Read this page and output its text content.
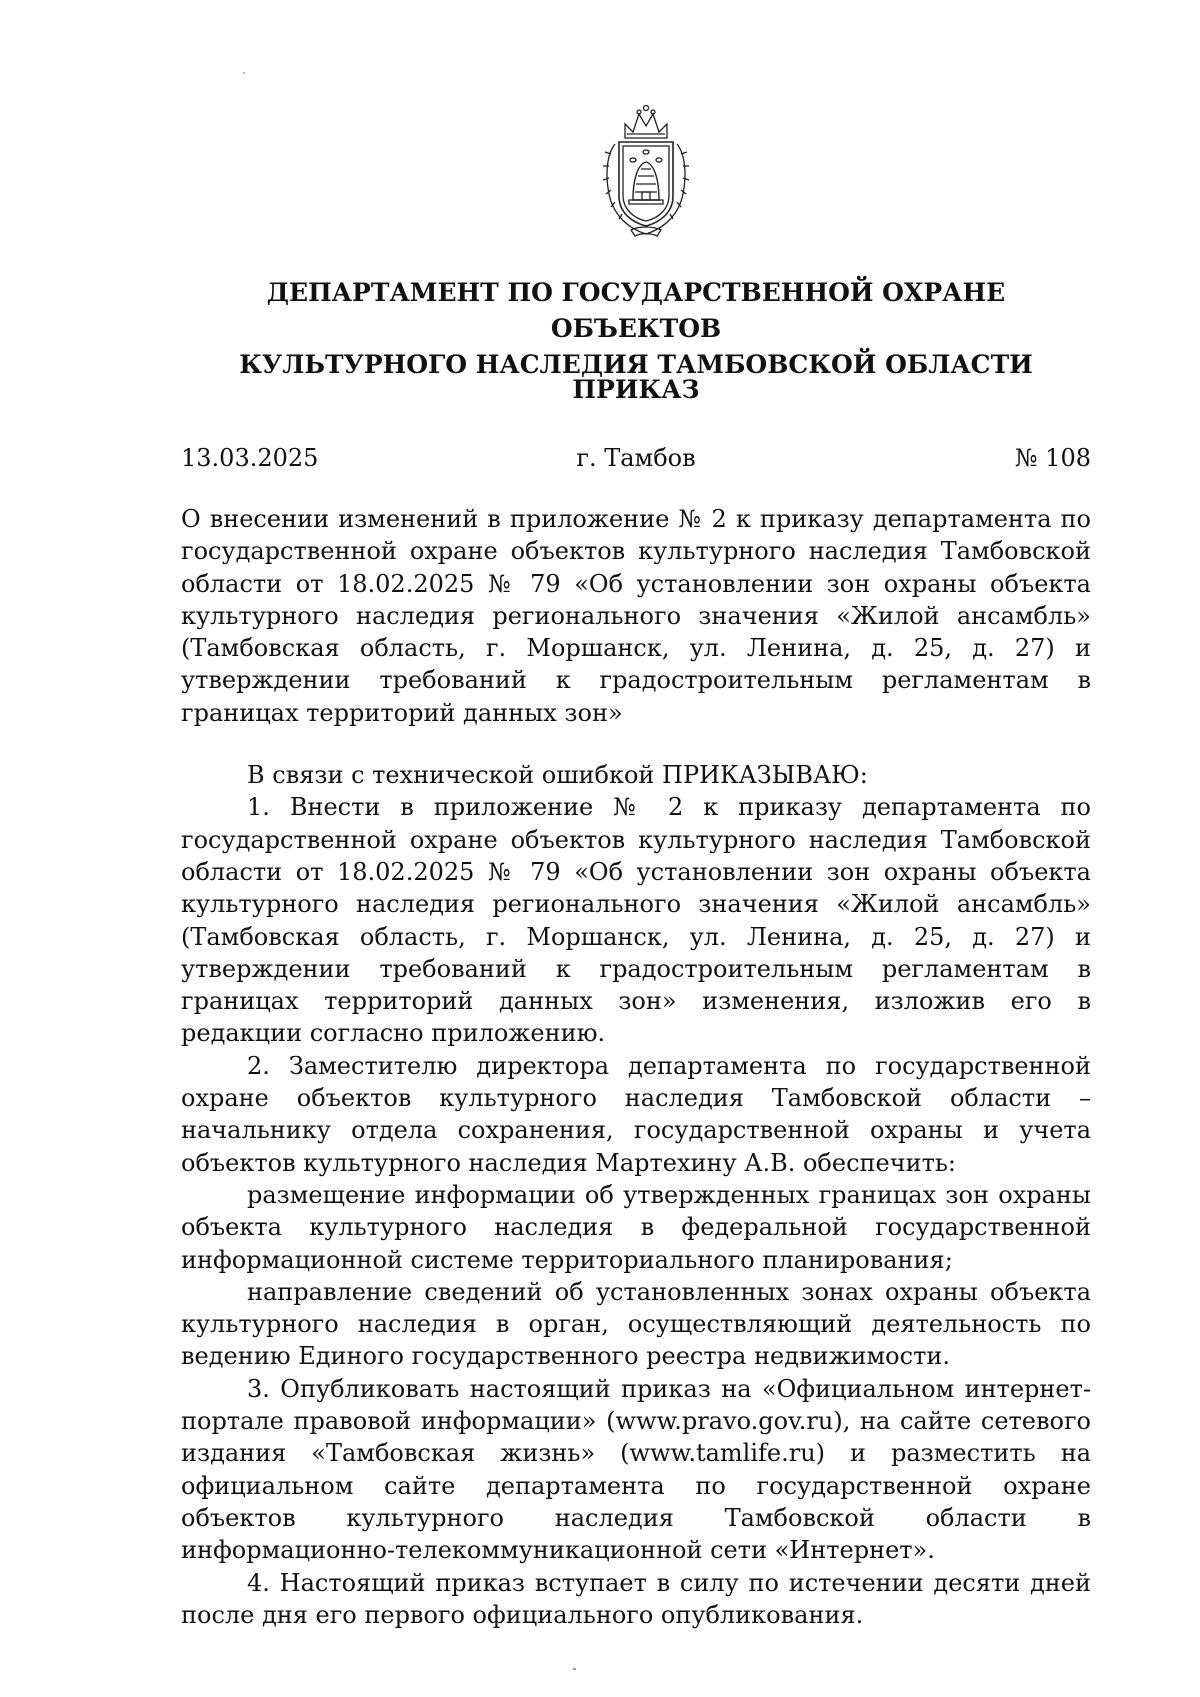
ДЕПАРТАМЕНТ ПО ГОСУДАРСТВЕННОЙ ОХРАНЕ ОБЪЕКТОВ
КУЛЬТУРНОГО НАСЛЕДИЯ ТАМБОВСКОЙ ОБЛАСТИ
ПРИКАЗ
г. Тамбов
13.03.2025	№ 108

О внесении изменений в приложение № 2 к приказу департамента по государственной охране объектов культурного наследия Тамбовской области от 18.02.2025 № 79 «Об установлении зон охраны объекта культурного наследия регионального значения «Жилой ансамбль» (Тамбовская область, г. Моршанск, ул. Ленина, д. 25, д. 27) и утверждении требований к градостроительным регламентам в границах территорий данных зон»

В связи с технической ошибкой ПРИКАЗЫВАЮ:

1. Внести в приложение № 2 к приказу департамента по государственной охране объектов культурного наследия Тамбовской области от 18.02.2025 № 79 «Об установлении зон охраны объекта культурного наследия регионального значения «Жилой ансамбль» (Тамбовская область, г. Моршанск, ул. Ленина, д. 25, д. 27) и утверждении требований к градостроительным регламентам в границах территорий данных зон» изменения, изложив его в редакции согласно приложению.

2. Заместителю директора департамента по государственной охране объектов культурного наследия Тамбовской области – начальнику отдела сохранения, государственной охраны и учета объектов культурного наследия Мартехину А.В. обеспечить:

размещение информации об утвержденных границах зон охраны объекта культурного наследия в федеральной государственной информационной системе территориального планирования;

направление сведений об установленных зонах охраны объекта культурного наследия в орган, осуществляющий деятельность по ведению Единого государственного реестра недвижимости.

3. Опубликовать настоящий приказ на «Официальном интернет-портале правовой информации» (www.pravo.gov.ru), на сайте сетевого издания «Тамбовская жизнь» (www.tamlife.ru) и разместить на официальном сайте департамента по государственной охране объектов культурного наследия Тамбовской области в информационно-телекоммуникационной сети «Интернет».

4. Настоящий приказ вступает в силу по истечении десяти дней после дня его первого официального опубликования.
